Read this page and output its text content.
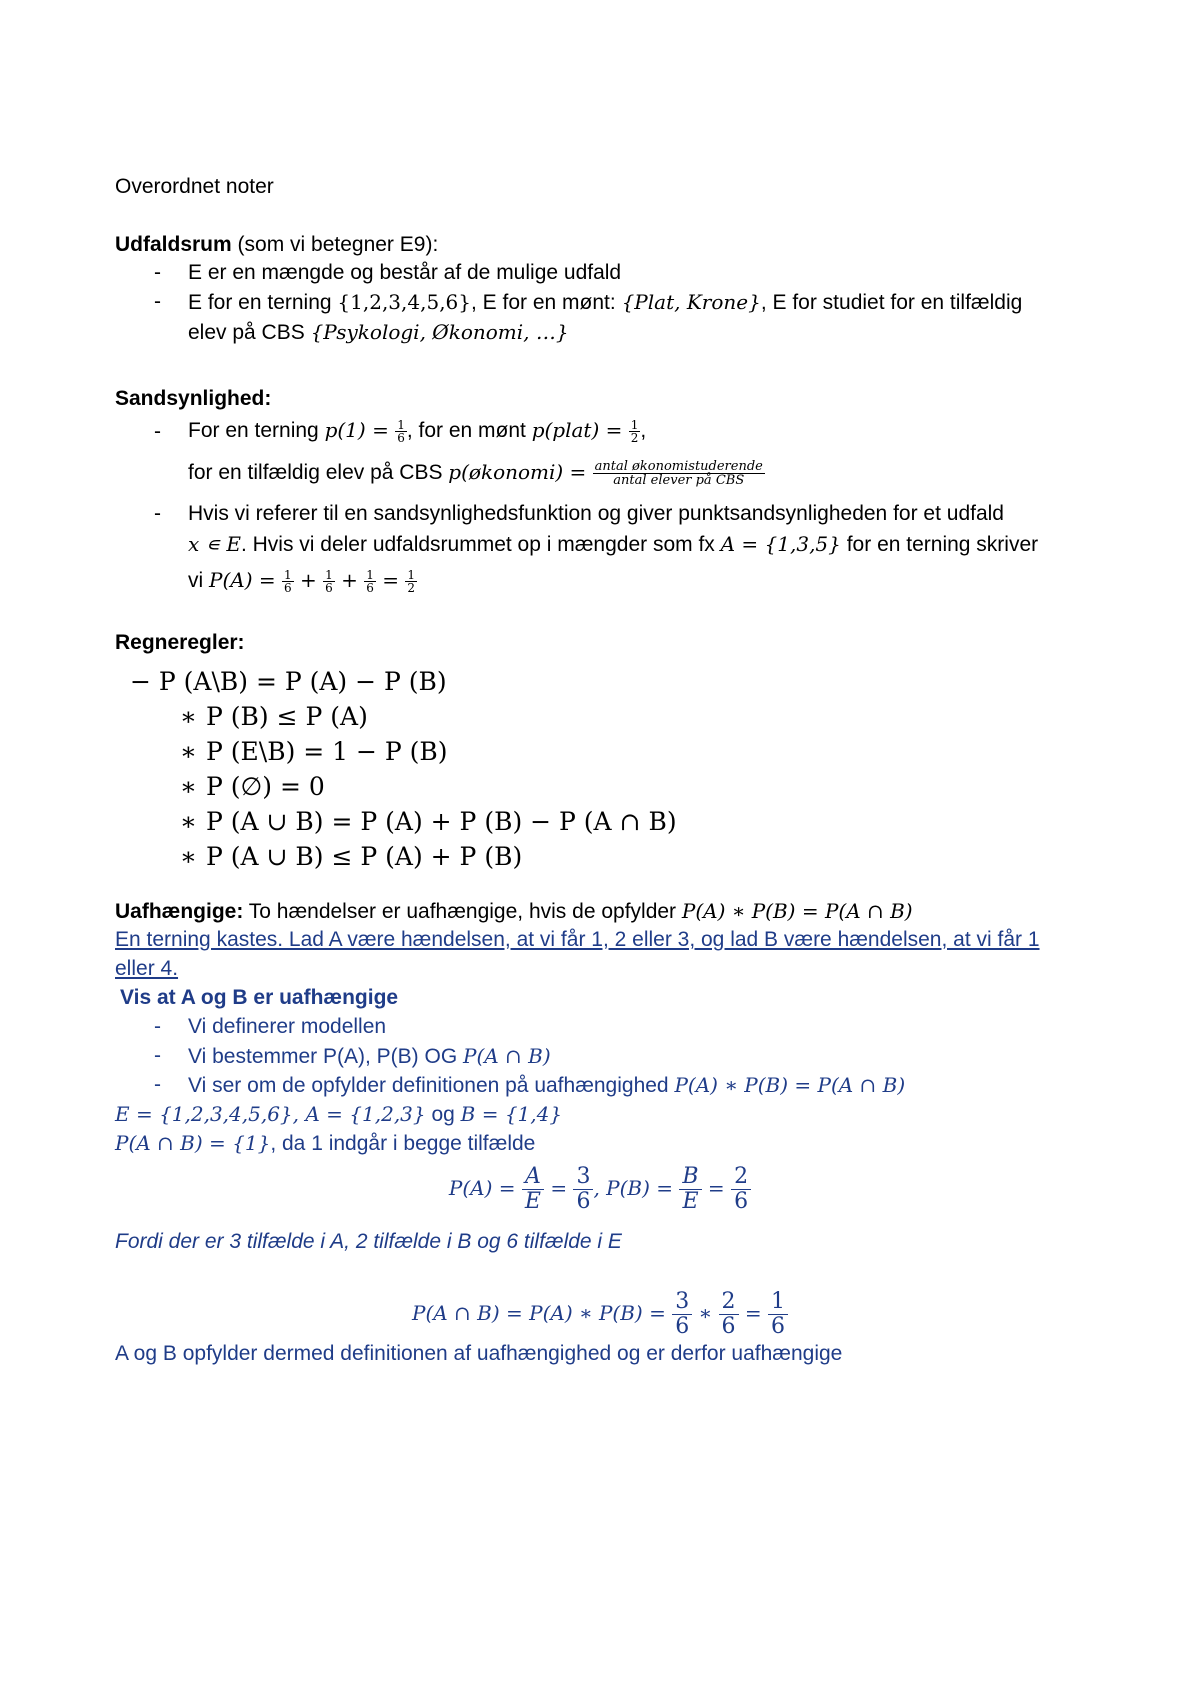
Overordnet noter
Udfaldsrum (som vi betegner E9):
- E er en mængde og består af de mulige udfald
- E for en terning {1,2,3,4,5,6}, E for en mønt: {Plat, Krone}, E for studiet for en tilfældig
elev på CBS {Psykologi, Økonomi, …}
Sandsynlighed:
- For en terning $p(1) = \frac{1}{6}$ , for en mønt p(plat) = $\frac{1}{2}$ ,
for en tilfældig elev på CBS p(økonomi) = $\frac{\text{antal økonomistuderende}}{\text{antal elever på CBS}}$
- Hvis vi referer til en sandsynlighedsfunktion og giver punktsandsynligheden for et udfald
x ∊ E. Hvis vi deler udfaldsrummet op i mængder som fx A = {1,3,5} for en terning skriver
vi $P(A) = \frac{1}{6} + \frac{1}{6} + \frac{1}{6} = \frac{1}{2}$
Regneregler:
− P (A\B) = P (A) − P (B)
∗ P (B) ≤ P (A)
∗ P (E\B) = 1 − P (B)
∗ P (∅) = 0
∗ P (A ∪ B) = P (A) + P (B) − P (A ∩ B)
∗ P (A ∪ B) ≤ P (A) + P (B)
Uafhængige: To hændelser er uafhængige, hvis de opfylder P(A) ∗ P(B) = P(A ∩ B)
En terning kastes. Lad A være hændelsen, at vi får 1, 2 eller 3, og lad B være hændelsen, at vi får 1
eller 4.
Vis at A og B er uafhængige
- Vi definerer modellen
- Vi bestemmer P(A), P(B) OG P(A ∩ B)
- Vi ser om de opfylder definitionen på uafhængighed P(A) ∗ P(B) = P(A ∩ B)
E = {1,2,3,4,5,6}, A = {1,2,3} og B = {1,4}
P(A ∩ B) = {1}, da 1 indgår i begge tilfælde
$P(A) = \frac{A}{E} = \frac{3}{6}$ , $P(B) = \frac{B}{E} = \frac{2}{6}$
Fordi der er 3 tilfælde i A, 2 tilfælde i B og 6 tilfælde i E
P(A ∩ B) = P(A) ∗ $P(B) = \frac{3}{6}$ ∗ $\frac{2}{6} = \frac{1}{6}$
A og B opfylder dermed definitionen af uafhængighed og er derfor uafhængige
